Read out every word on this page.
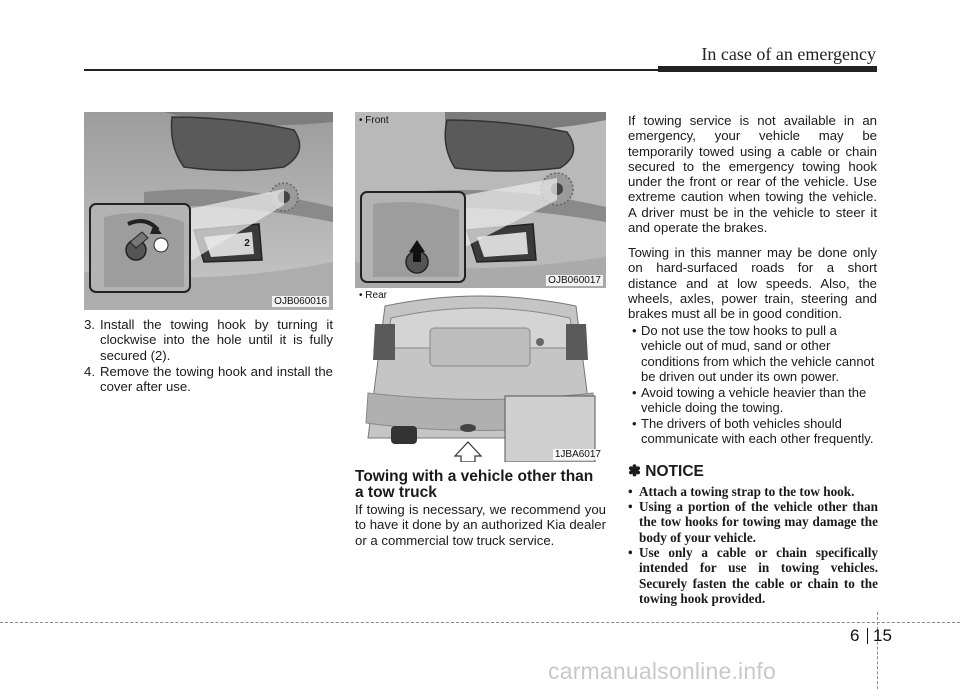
In case of an emergency
2
OJB060016
• Front
OJB060017
• Rear
1JBA6017
3. Install the towing hook by turning it clockwise into the hole until it is fully secured (2).
4. Remove the towing hook and install the cover after use.
Towing with a vehicle other than a tow truck
If towing is necessary, we recommend you to have it done by an authorized Kia dealer or a commercial tow truck service.
If towing service is not available in an emergency, your vehicle may be temporarily towed using a cable or chain secured to the emergency towing hook under the front or rear of the vehicle. Use extreme caution when towing the vehicle. A driver must be in the vehicle to steer it and operate the brakes.
Towing in this manner may be done only on hard-surfaced roads for a short distance and at low speeds. Also, the wheels, axles, power train, steering and brakes must all be in good condition.
• Do not use the tow hooks to pull a vehicle out of mud, sand or other conditions from which the vehicle cannot be driven out under its own power.
• Avoid towing a vehicle heavier than the vehicle doing the towing.
• The drivers of both vehicles should communicate with each other frequently.
✽ NOTICE
• Attach a towing strap to the tow hook.
• Using a portion of the vehicle other than the tow hooks for towing may damage the body of your vehicle.
• Use only a cable or chain specifically intended for use in towing vehicles. Securely fasten the cable or chain to the towing hook provided.
6 15
carmanualsonline.info
